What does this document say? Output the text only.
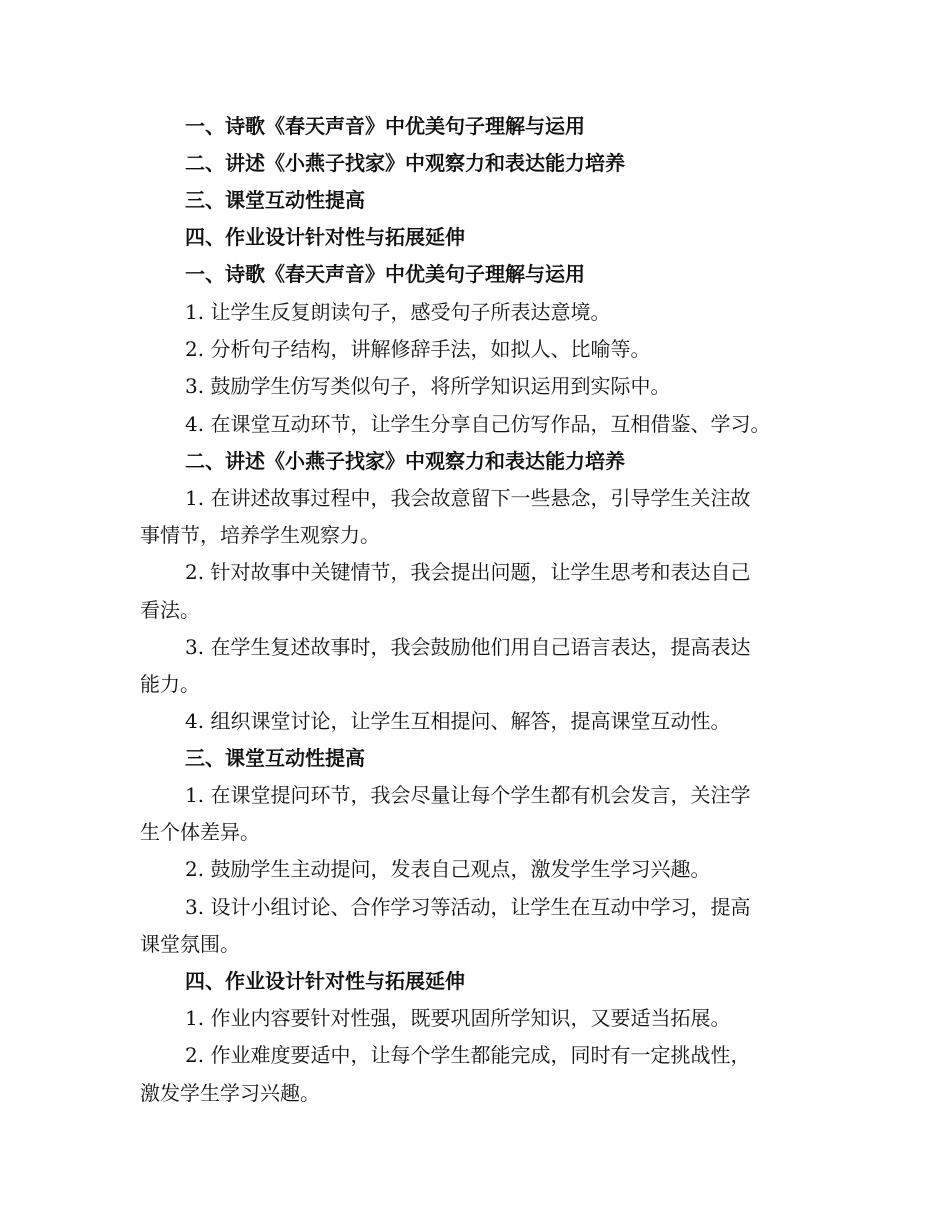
一、诗歌《春天声音》中优美句子理解与运用
二、讲述《小燕子找家》中观察力和表达能力培养
三、课堂互动性提高
四、作业设计针对性与拓展延伸
一、诗歌《春天声音》中优美句子理解与运用
1. 让学生反复朗读句子，感受句子所表达意境。
2. 分析句子结构，讲解修辞手法，如拟人、比喻等。
3. 鼓励学生仿写类似句子，将所学知识运用到实际中。
4. 在课堂互动环节，让学生分享自己仿写作品，互相借鉴、学习。
二、讲述《小燕子找家》中观察力和表达能力培养
1. 在讲述故事过程中，我会故意留下一些悬念，引导学生关注故
事情节，培养学生观察力。
2. 针对故事中关键情节，我会提出问题，让学生思考和表达自己
看法。
3. 在学生复述故事时，我会鼓励他们用自己语言表达，提高表达
能力。
4. 组织课堂讨论，让学生互相提问、解答，提高课堂互动性。
三、课堂互动性提高
1. 在课堂提问环节，我会尽量让每个学生都有机会发言，关注学
生个体差异。
2. 鼓励学生主动提问，发表自己观点，激发学生学习兴趣。
3. 设计小组讨论、合作学习等活动，让学生在互动中学习，提高
课堂氛围。
四、作业设计针对性与拓展延伸
1. 作业内容要针对性强，既要巩固所学知识，又要适当拓展。
2. 作业难度要适中，让每个学生都能完成，同时有一定挑战性，
激发学生学习兴趣。
